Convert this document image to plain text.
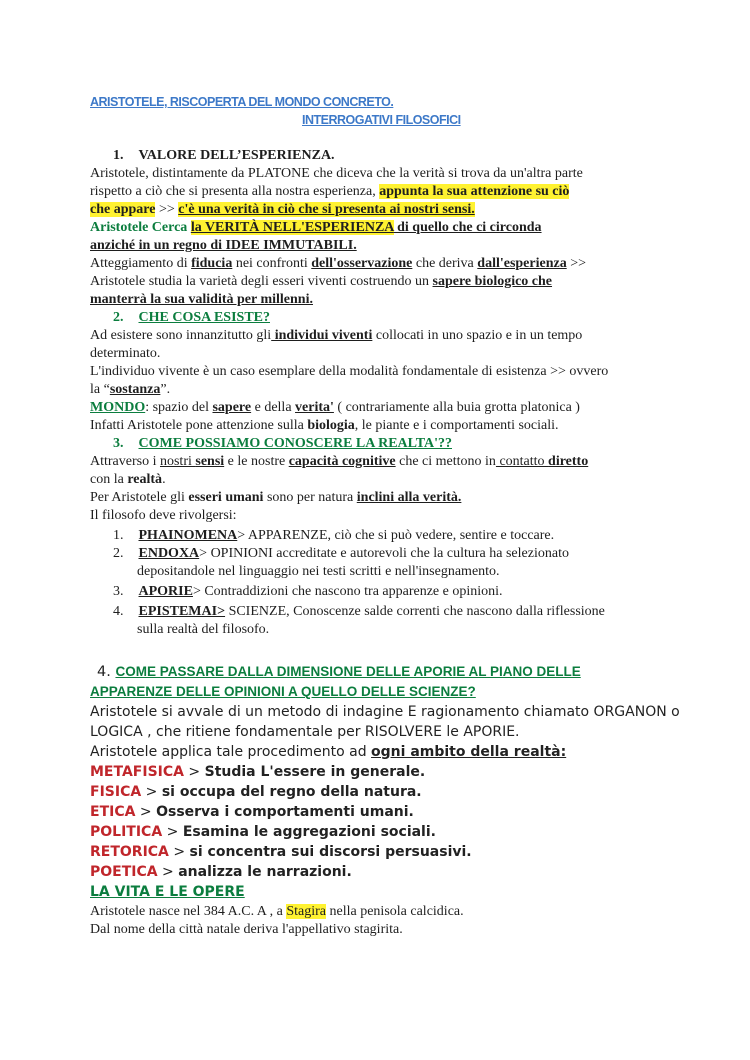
ARISTOTELE, RISCOPERTA DEL MONDO CONCRETO.
INTERROGATIVI FILOSOFICI
1. VALORE DELL’ESPERIENZA.
Aristotele, distintamente da PLATONE che diceva che la verità si trova da un'altra parte
rispetto a ciò che si presenta alla nostra esperienza, appunta la sua attenzione su ciò
che appare >> c'è una verità in ciò che si presenta ai nostri sensi.
Aristotele Cerca la VERITÀ NELL'ESPERIENZA di quello che ci circonda
anziché in un regno di IDEE IMMUTABILI.
Atteggiamento di fiducia nei confronti dell'osservazione che deriva dall'esperienza >>
Aristotele studia la varietà degli esseri viventi costruendo un sapere biologico che
manterrà la sua validità per millenni.
2. CHE COSA ESISTE?
Ad esistere sono innanzitutto gli individui viventi collocati in uno spazio e in un tempo
determinato.
L'individuo vivente è un caso esemplare della modalità fondamentale di esistenza >> ovvero
la “sostanza”.
MONDO: spazio del sapere e della verita' ( contrariamente alla buia grotta platonica )
Infatti Aristotele pone attenzione sulla biologia, le piante e i comportamenti sociali.
3. COME POSSIAMO CONOSCERE LA REALTA'??
Attraverso i nostri sensi e le nostre capacità cognitive che ci mettono in contatto diretto
con la realtà.
Per Aristotele gli esseri umani sono per natura inclini alla verità.
Il filosofo deve rivolgersi:
1. PHAINOMENA> APPARENZE, ciò che si può vedere, sentire e toccare.
2. ENDOXA> OPINIONI accreditate e autorevoli che la cultura ha selezionato
depositandole nel linguaggio nei testi scritti e nell'insegnamento.
3. APORIE> Contraddizioni che nascono tra apparenze e opinioni.
4. EPISTEMAI> SCIENZE, Conoscenze salde correnti che nascono dalla riflessione
sulla realtà del filosofo.
4. COME PASSARE DALLA DIMENSIONE DELLE APORIE AL PIANO DELLE
APPARENZE DELLE OPINIONI A QUELLO DELLE SCIENZE?
Aristotele si avvale di un metodo di indagine E ragionamento chiamato ORGANON o
LOGICA , che ritiene fondamentale per RISOLVERE le APORIE.
Aristotele applica tale procedimento ad ogni ambito della realtà:
METAFISICA > Studia L'essere in generale.
FISICA > si occupa del regno della natura.
ETICA > Osserva i comportamenti umani.
POLITICA > Esamina le aggregazioni sociali.
RETORICA > si concentra sui discorsi persuasivi.
POETICA > analizza le narrazioni.
LA VITA E LE OPERE
Aristotele nasce nel 384 A.C. A , a Stagira nella penisola calcidica.
Dal nome della città natale deriva l'appellativo stagirita.
